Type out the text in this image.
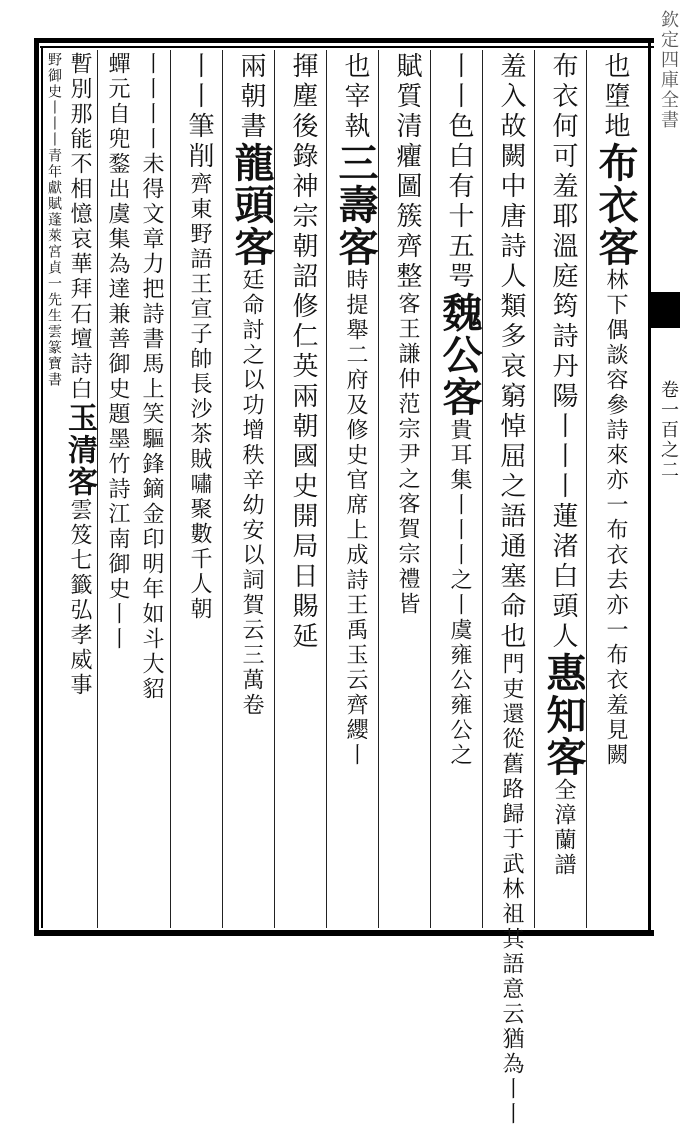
欽定四庫全書
卷一百之二
也
墮地
布衣客
林下偶談容參詩來亦一布衣去亦一布衣羞見闕
布衣何可羞耶溫庭筠詩丹陽丨丨丨蓮渚白頭人
惠知客
全漳蘭譜
羞入故闕中唐詩人類多哀窮悼屈之語通塞命也
門吏還從舊路歸于武林祖其語意云猶為丨丨
丨丨色白有十五咢
魏公客
貴耳集丨丨丨之丨虞雍公雍公之
賦質清癯圖簇齊整
客王謙仲范宗尹之客賀宗禮皆
也
宰執
三壽客
時提舉二府及修史官席上成詩王禹玉云齊纓丨
揮塵後錄神宗朝詔修仁英兩朝國史開局日賜延
兩朝書
龍頭客
廷命討之以功增秩辛幼安以詞賀云三萬卷
丨丨筆削
齊東野語王宣子帥長沙茶賊嘯聚數千人朝
丨丨丨丨未得文章力把詩書馬上笑驅鋒鏑金印明年如斗大貂
蟬元自兜鍪出虞集為達兼善御史題墨竹詩江南御史丨丨
暫別那能不相憶哀華拜石壇詩白
玉清客
雲笈七籤弘孝威事
野御史丨丨丨青年獻賦蓬萊宮
貞一先生雲篆寶書
